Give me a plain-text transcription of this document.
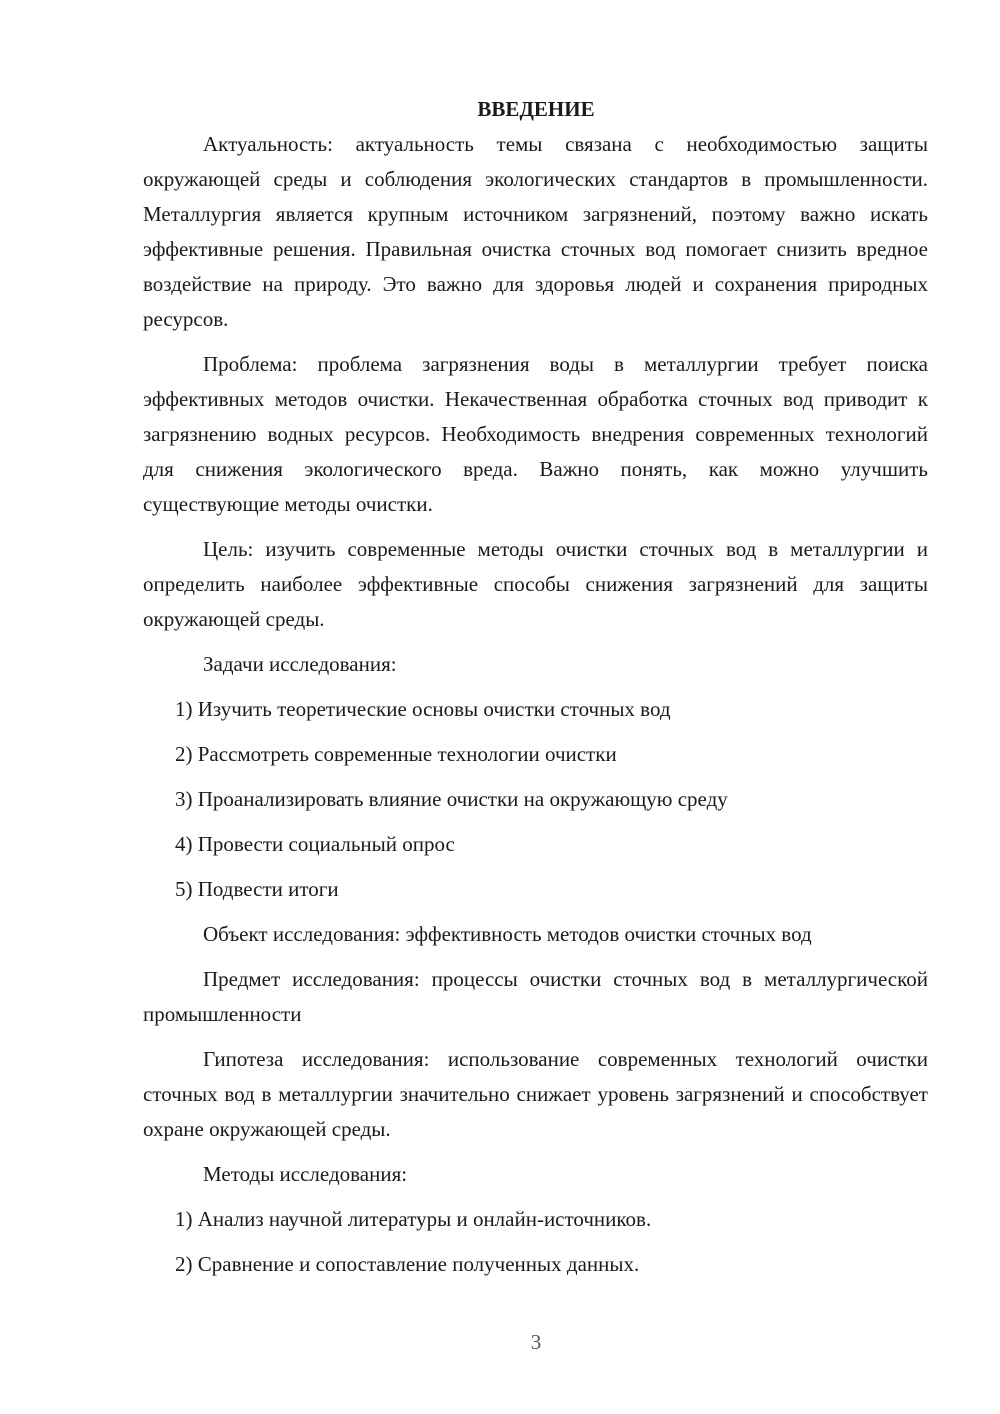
ВВЕДЕНИЕ

Актуальность: актуальность темы связана с необходимостью защиты окружающей среды и соблюдения экологических стандартов в промышленности. Металлургия является крупным источником загрязнений, поэтому важно искать эффективные решения. Правильная очистка сточных вод помогает снизить вредное воздействие на природу. Это важно для здоровья людей и сохранения природных ресурсов.

Проблема: проблема загрязнения воды в металлургии требует поиска эффективных методов очистки. Некачественная обработка сточных вод приводит к загрязнению водных ресурсов. Необходимость внедрения современных технологий для снижения экологического вреда. Важно понять, как можно улучшить существующие методы очистки.

Цель: изучить современные методы очистки сточных вод в металлургии и определить наиболее эффективные способы снижения загрязнений для защиты окружающей среды.

Задачи исследования:

1) Изучить теоретические основы очистки сточных вод

2) Рассмотреть современные технологии очистки

3) Проанализировать влияние очистки на окружающую среду

4) Провести социальный опрос

5) Подвести итоги

Объект исследования: эффективность методов очистки сточных вод

Предмет исследования: процессы очистки сточных вод в металлургической промышленности

Гипотеза исследования: использование современных технологий очистки сточных вод в металлургии значительно снижает уровень загрязнений и способствует охране окружающей среды.

Методы исследования:

1) Анализ научной литературы и онлайн-источников.

2) Сравнение и сопоставление полученных данных.

3
